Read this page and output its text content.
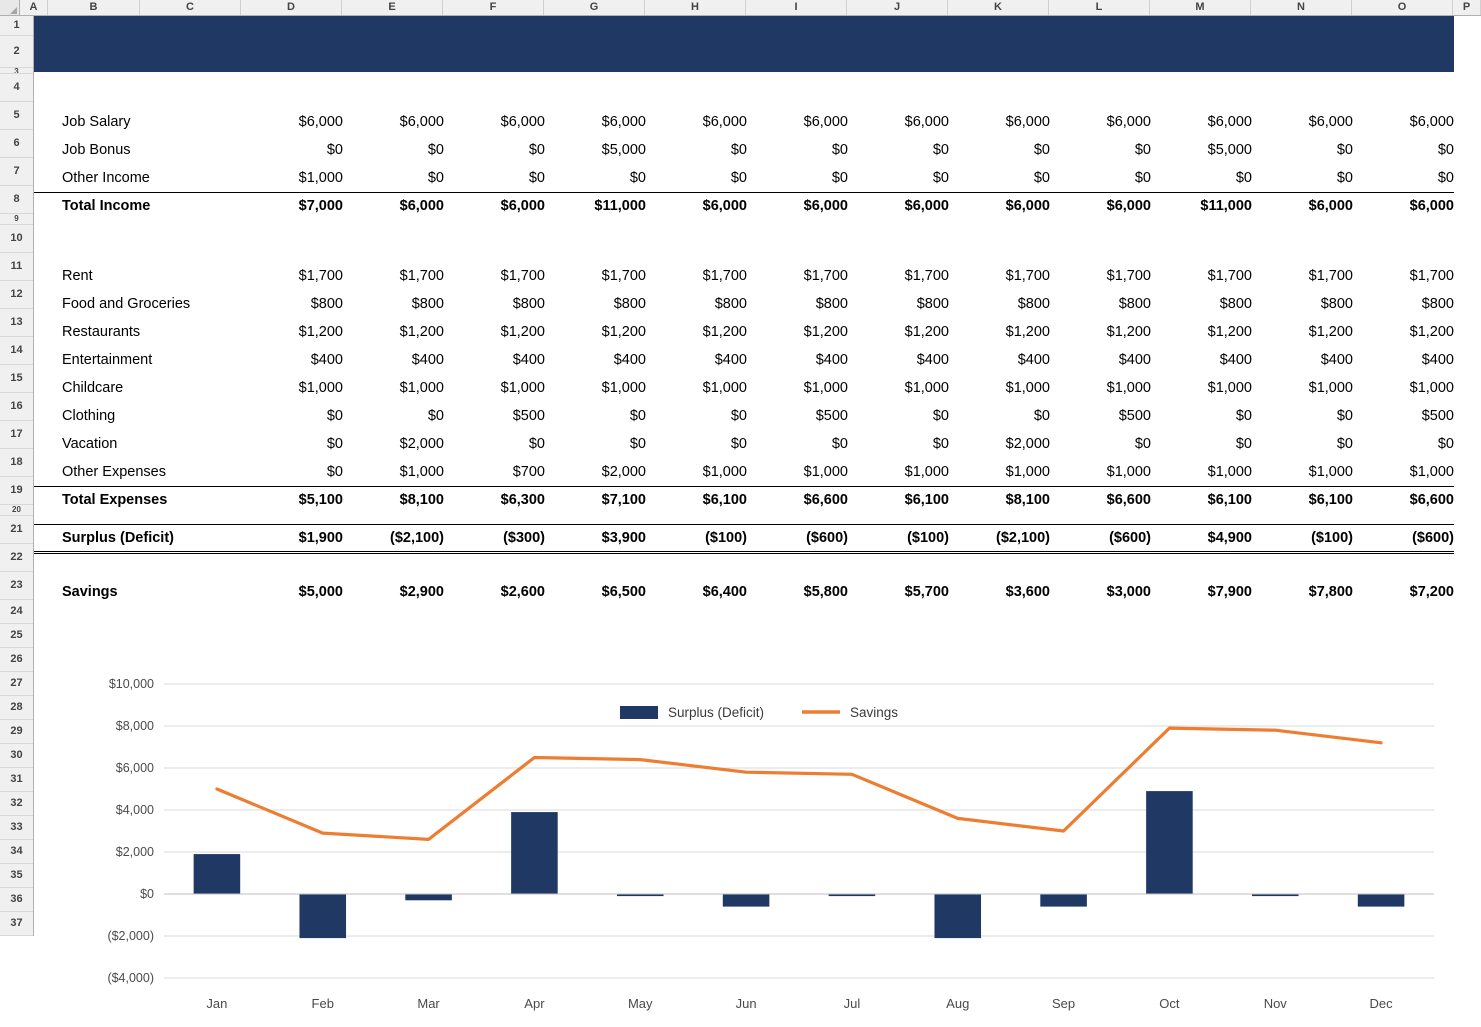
A	B	C	D	E	F	G	H	I	J	K	L	M	N	O	P
1
2
3
4
5
6
7
8
9
10
11
12
13
14
15
16
17
18
19
20
21
22
23
24
25
26
27
28
29
30
31
32
33
34
35
36
37

	Job Salary	$6,000	$6,000	$6,000	$6,000	$6,000	$6,000	$6,000	$6,000	$6,000	$6,000	$6,000	$6,000
	Job Bonus	$0	$0	$0	$5,000	$0	$0	$0	$0	$0	$5,000	$0	$0
	Other Income	$1,000	$0	$0	$0	$0	$0	$0	$0	$0	$0	$0	$0
	Total Income	$7,000	$6,000	$6,000	$11,000	$6,000	$6,000	$6,000	$6,000	$6,000	$11,000	$6,000	$6,000

	Rent	$1,700	$1,700	$1,700	$1,700	$1,700	$1,700	$1,700	$1,700	$1,700	$1,700	$1,700	$1,700
	Food and Groceries	$800	$800	$800	$800	$800	$800	$800	$800	$800	$800	$800	$800
	Restaurants	$1,200	$1,200	$1,200	$1,200	$1,200	$1,200	$1,200	$1,200	$1,200	$1,200	$1,200	$1,200
	Entertainment	$400	$400	$400	$400	$400	$400	$400	$400	$400	$400	$400	$400
	Childcare	$1,000	$1,000	$1,000	$1,000	$1,000	$1,000	$1,000	$1,000	$1,000	$1,000	$1,000	$1,000
	Clothing	$0	$0	$500	$0	$0	$500	$0	$0	$500	$0	$0	$500
	Vacation	$0	$2,000	$0	$0	$0	$0	$0	$2,000	$0	$0	$0	$0
	Other Expenses	$0	$1,000	$700	$2,000	$1,000	$1,000	$1,000	$1,000	$1,000	$1,000	$1,000	$1,000
	Total Expenses	$5,100	$8,100	$6,300	$7,100	$6,100	$6,600	$6,100	$8,100	$6,600	$6,100	$6,100	$6,600

	Surplus (Deficit)	$1,900	($2,100)	($300)	$3,900	($100)	($600)	($100)	($2,100)	($600)	$4,900	($100)	($600)

	Savings	$5,000	$2,900	$2,600	$6,500	$6,400	$5,800	$5,700	$3,600	$3,000	$7,900	$7,800	$7,200
$10,000
$8,000
$6,000
$4,000
$2,000
$0
($2,000)
($4,000)
Jan	Feb	Mar	Apr	May	Jun	Jul	Aug	Sep	Oct	Nov	Dec
Surplus (Deficit)	Savings
